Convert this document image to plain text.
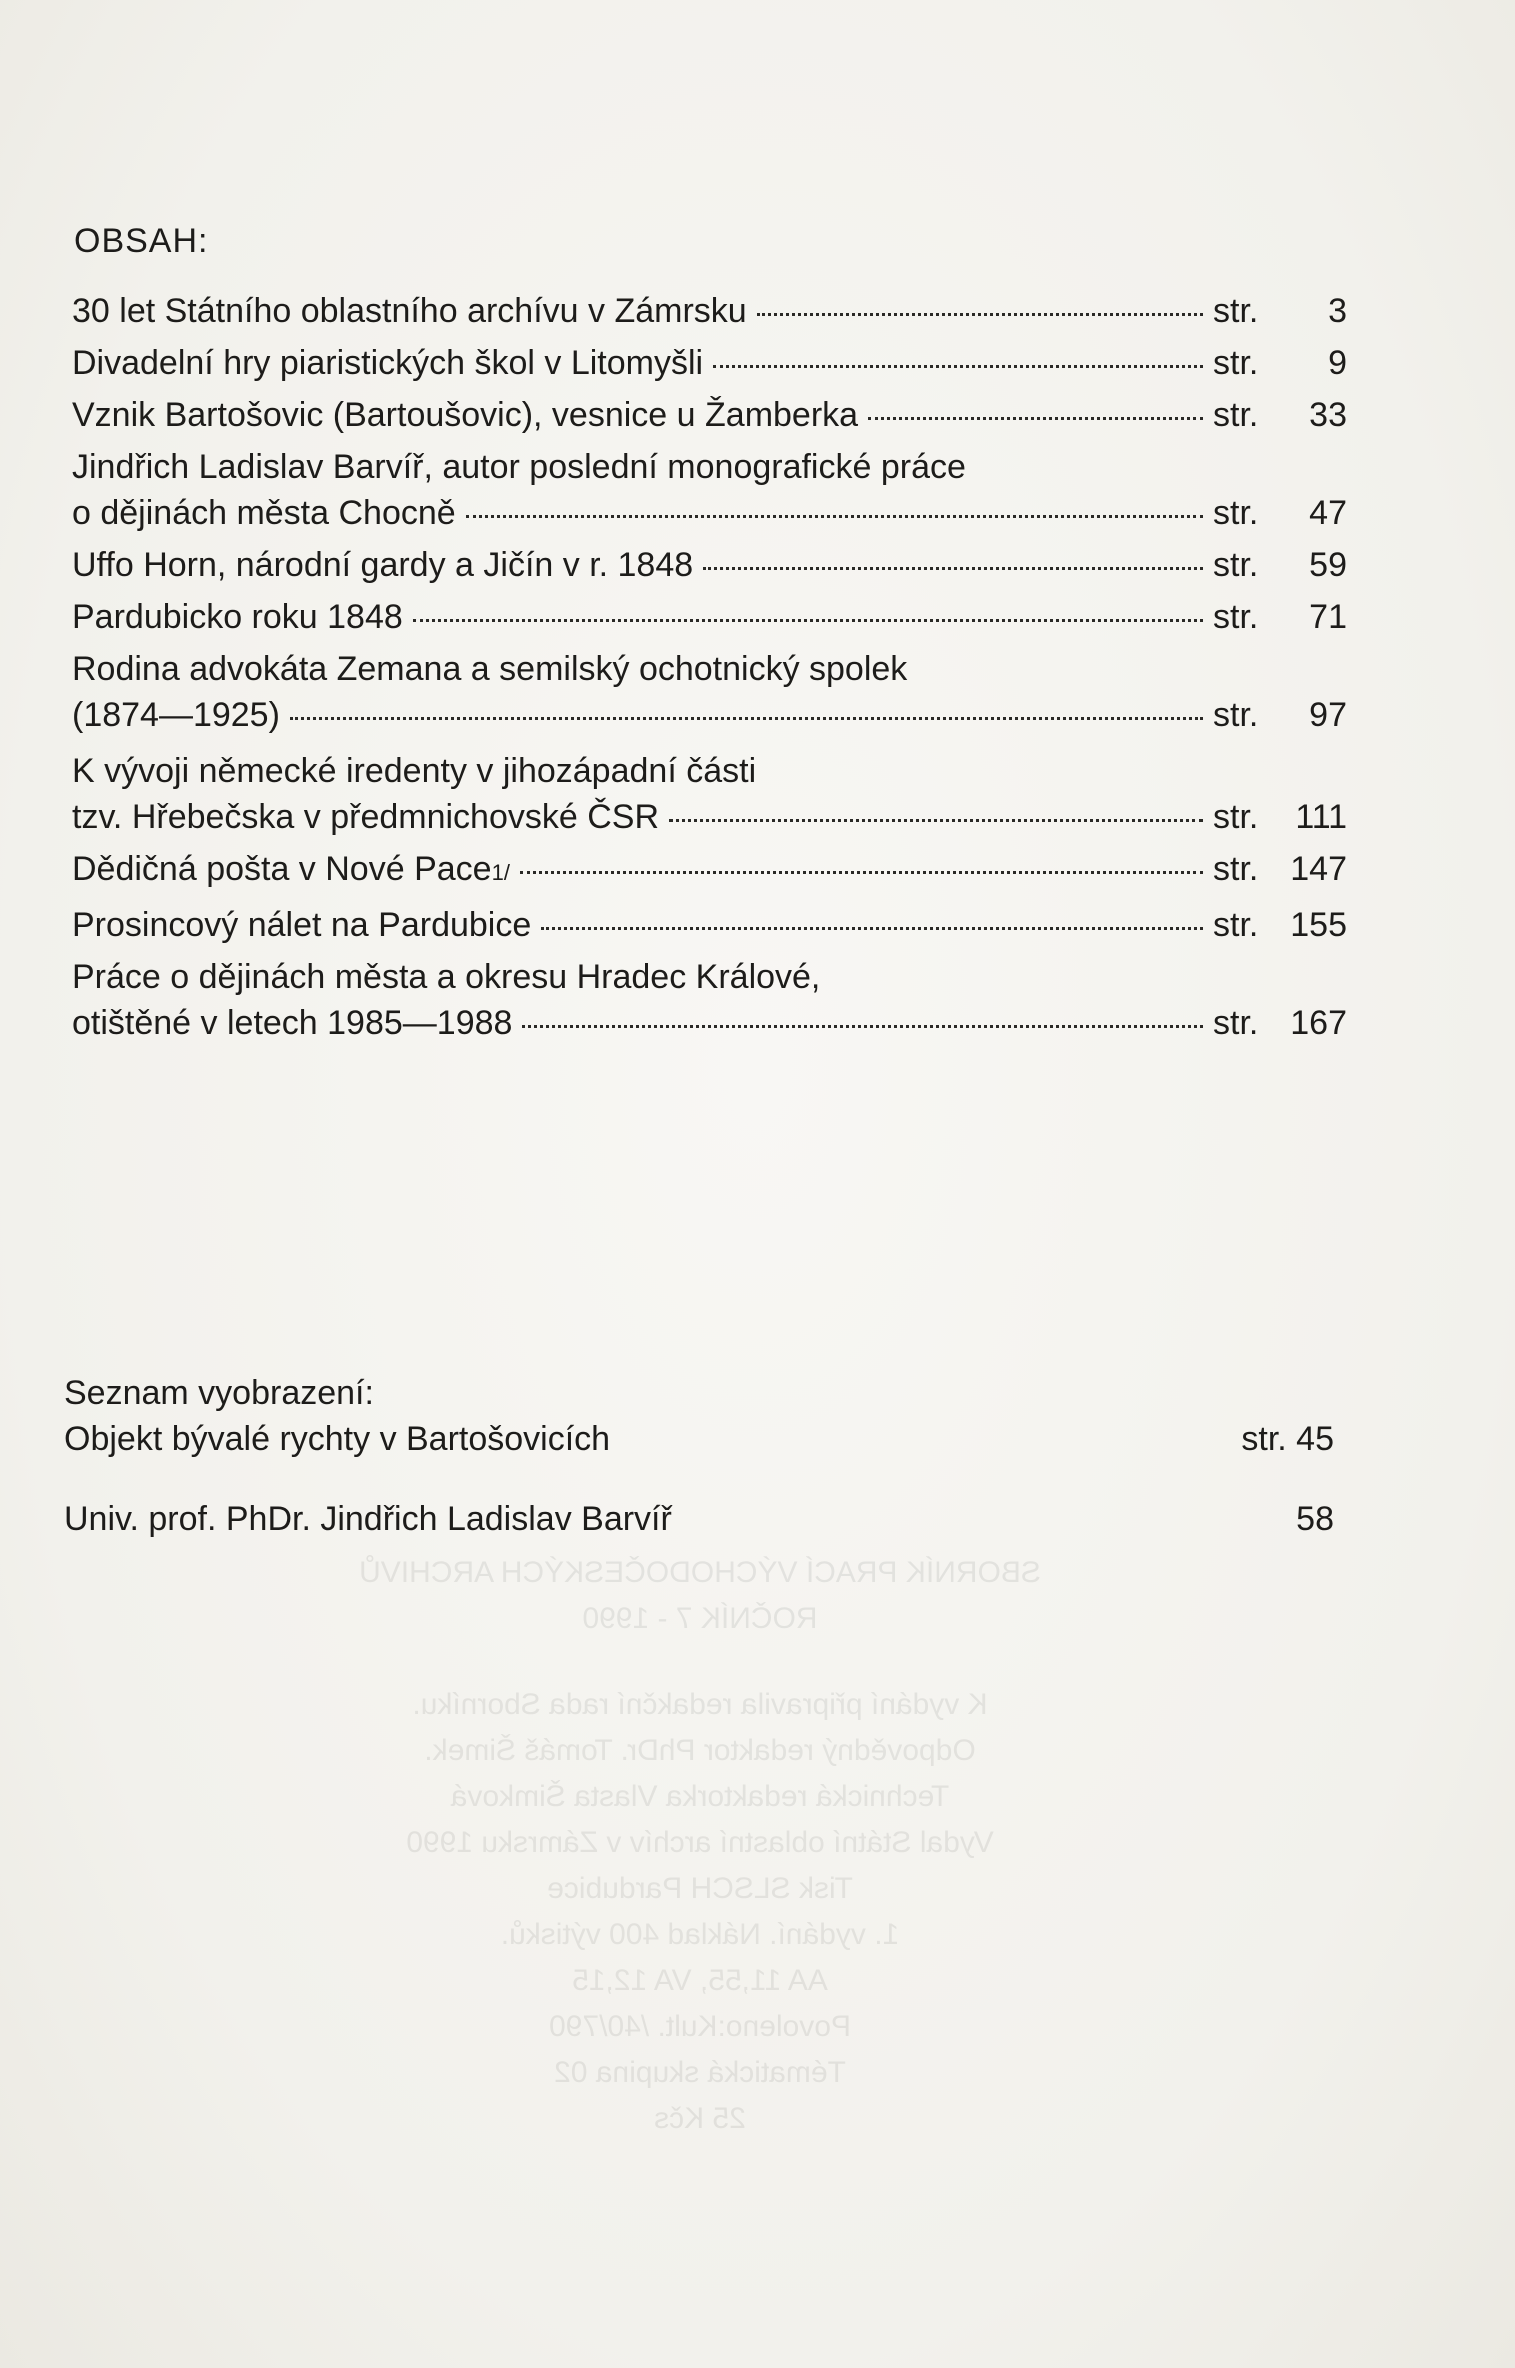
OBSAH:
30 let Státního oblastního archívu v Zámrsku	str.	3
Divadelní hry piaristických škol v Litomyšli	str.	9
Vznik Bartošovic (Bartoušovic), vesnice u Žamberka	str.	33
Jindřich Ladislav Barvíř, autor poslední monografické práce
o dějinách města Chocně	str.	47
Uffo Horn, národní gardy a Jičín v r. 1848	str.	59
Pardubicko roku 1848	str.	71
Rodina advokáta Zemana a semilský ochotnický spolek
(1874—1925)	str.	97
K vývoji německé iredenty v jihozápadní části
tzv. Hřebečska v předmnichovské ČSR	str.	111
Dědičná pošta v Nové Pace 1/	str. 147
Prosincový nálet na Pardubice	str. 155
Práce o dějinách města a okresu Hradec Králové,
otištěné v letech 1985—1988	str. 167
Seznam vyobrazení:
Objekt bývalé rychty v Bartošovicích	str. 45
Univ. prof. PhDr. Jindřich Ladislav Barvíř	58
SBORNÍK PRACÍ VÝCHODOČESKÝCH ARCHIVŮ
ROČNÍK 7 - 1990
K vydání připravila redakční rada Sborníku.
Odpovědný redaktor PhDr. Tomáš Šimek.
Technická redaktorka Vlasta Šimková
Vydal Státní oblastní archív v Zámrsku 1990
Tisk SLSCH Pardubice
1. vydání. Náklad 400 výtisků.
AA 11,55, VA 12,15
Povoleno:Kult. /40/790
Tématická skupina 02
25 Kčs
